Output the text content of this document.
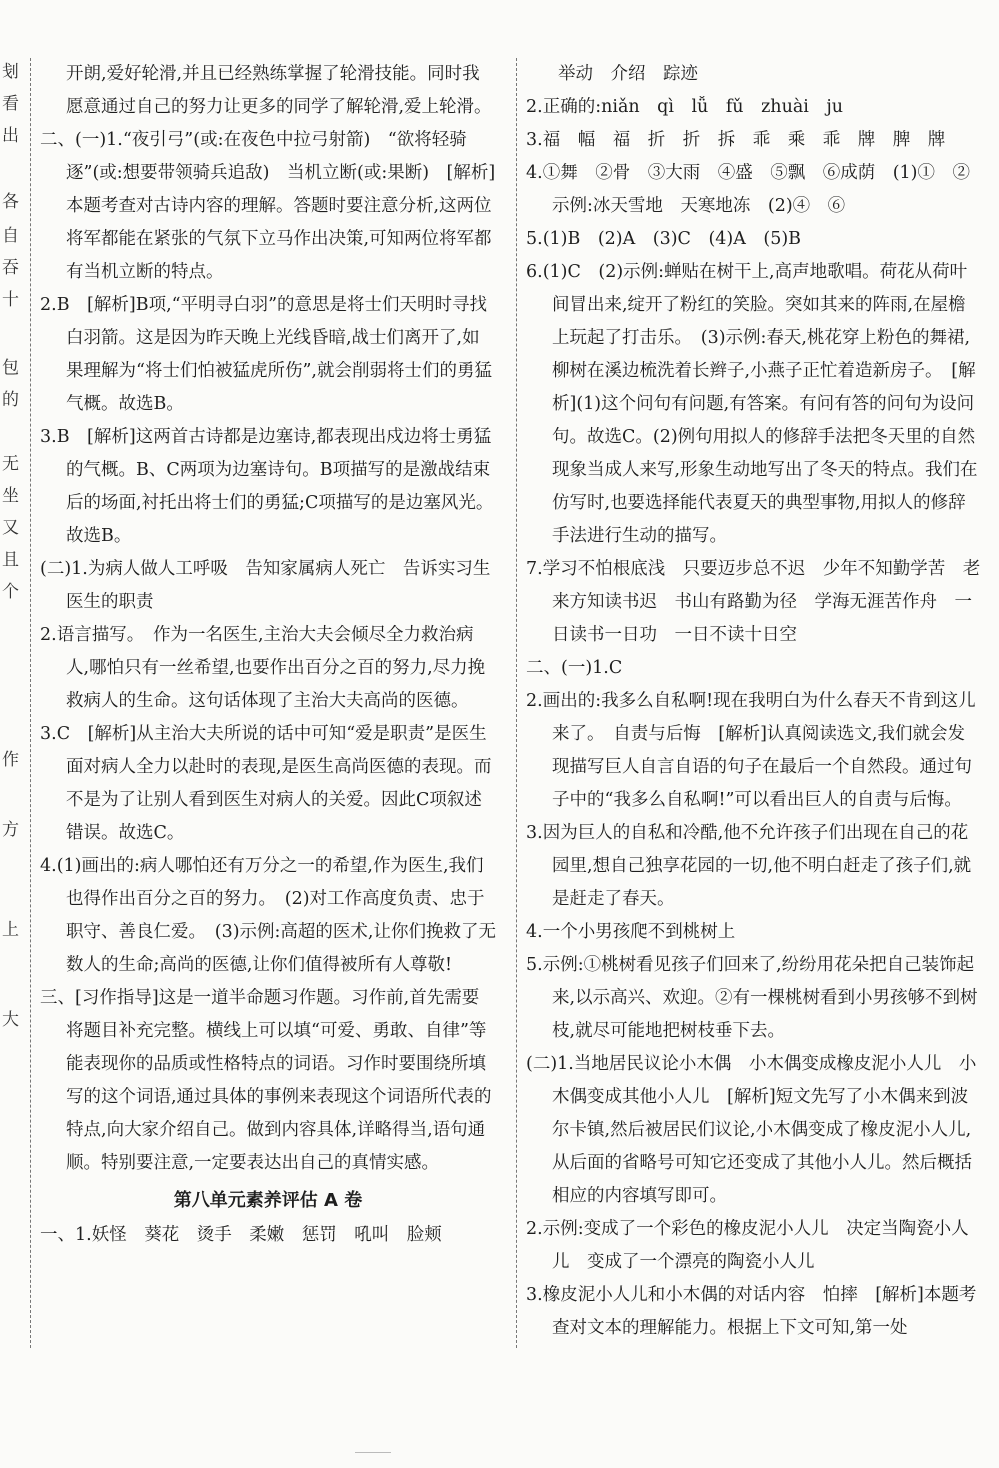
刬
看
出
各
自
吞
十
包
的
无
坐
又
且
个
作
方
上
大

开朗,爱好轮滑,并且已经熟练掌握了轮滑技能。同时我愿意通过自己的努力让更多的同学了解轮滑,爱上轮滑。

二、(一)1.“夜引弓”(或:在夜色中拉弓射箭)　“欲将轻骑逐”(或:想要带领骑兵追敌)　当机立断(或:果断)　[解析]本题考查对古诗内容的理解。答题时要注意分析,这两位将军都能在紧张的气氛下立马作出决策,可知两位将军都有当机立断的特点。

2.B　[解析]B项,“平明寻白羽”的意思是将士们天明时寻找白羽箭。这是因为昨天晚上光线昏暗,战士们离开了,如果理解为“将士们怕被猛虎所伤”,就会削弱将士们的勇猛气概。故选B。

3.B　[解析]这两首古诗都是边塞诗,都表现出戍边将士勇猛的气概。B、C两项为边塞诗句。B项描写的是激战结束后的场面,衬托出将士们的勇猛;C项描写的是边塞风光。故选B。

(二)1.为病人做人工呼吸　告知家属病人死亡　告诉实习生医生的职责

2.语言描写。　作为一名医生,主治大夫会倾尽全力救治病人,哪怕只有一丝希望,也要作出百分之百的努力,尽力挽救病人的生命。这句话体现了主治大夫高尚的医德。

3.C　[解析]从主治大夫所说的话中可知“爱是职责”是医生面对病人全力以赴时的表现,是医生高尚医德的表现。而不是为了让别人看到医生对病人的关爱。因此C项叙述错误。故选C。

4.(1)画出的:病人哪怕还有万分之一的希望,作为医生,我们也得作出百分之百的努力。　(2)对工作高度负责、忠于职守、善良仁爱。　(3)示例:高超的医术,让你们挽救了无数人的生命;高尚的医德,让你们值得被所有人尊敬!

三、[习作指导]这是一道半命题习作题。习作前,首先需要将题目补充完整。横线上可以填“可爱、勇敢、自律”等能表现你的品质或性格特点的词语。习作时要围绕所填写的这个词语,通过具体的事例来表现这个词语所代表的特点,向大家介绍自己。做到内容具体,详略得当,语句通顺。特别要注意,一定要表达出自己的真情实感。

第八单元素养评估 A 卷

一、1.妖怪　葵花　烫手　柔嫩　惩罚　吼叫　脸颊

举动　介绍　踪迹

2.正确的:niǎn　qì　lǚ　fǔ　zhuài　ju

3.福　幅　福　折　折　拆　乖　乘　乖　牌　脾　牌

4.①舞　②骨　③大雨　④盛　⑤飘　⑥成荫　(1)①　②　示例:冰天雪地　天寒地冻　(2)④　⑥

5.(1)B　(2)A　(3)C　(4)A　(5)B

6.(1)C　(2)示例:蝉贴在树干上,高声地歌唱。荷花从荷叶间冒出来,绽开了粉红的笑脸。突如其来的阵雨,在屋檐上玩起了打击乐。　(3)示例:春天,桃花穿上粉色的舞裙,柳树在溪边梳洗着长辫子,小燕子正忙着造新房子。　[解析](1)这个问句有问题,有答案。有问有答的问句为设问句。故选C。(2)例句用拟人的修辞手法把冬天里的自然现象当成人来写,形象生动地写出了冬天的特点。我们在仿写时,也要选择能代表夏天的典型事物,用拟人的修辞手法进行生动的描写。

7.学习不怕根底浅　只要迈步总不迟　少年不知勤学苦　老来方知读书迟　书山有路勤为径　学海无涯苦作舟　一日读书一日功　一日不读十日空

二、(一)1.C

2.画出的:我多么自私啊!现在我明白为什么春天不肯到这儿来了。　自责与后悔　[解析]认真阅读选文,我们就会发现描写巨人自言自语的句子在最后一个自然段。通过句子中的“我多么自私啊!”可以看出巨人的自责与后悔。

3.因为巨人的自私和冷酷,他不允许孩子们出现在自己的花园里,想自己独享花园的一切,他不明白赶走了孩子们,就是赶走了春天。

4.一个小男孩爬不到桃树上

5.示例:①桃树看见孩子们回来了,纷纷用花朵把自己装饰起来,以示高兴、欢迎。②有一棵桃树看到小男孩够不到树枝,就尽可能地把树枝垂下去。

(二)1.当地居民议论小木偶　小木偶变成橡皮泥小人儿　小木偶变成其他小人儿　[解析]短文先写了小木偶来到波尔卡镇,然后被居民们议论,小木偶变成了橡皮泥小人儿,从后面的省略号可知它还变成了其他小人儿。然后概括相应的内容填写即可。

2.示例:变成了一个彩色的橡皮泥小人儿　决定当陶瓷小人儿　变成了一个漂亮的陶瓷小人儿

3.橡皮泥小人儿和小木偶的对话内容　怕摔　[解析]本题考查对文本的理解能力。根据上下文可知,第一处
